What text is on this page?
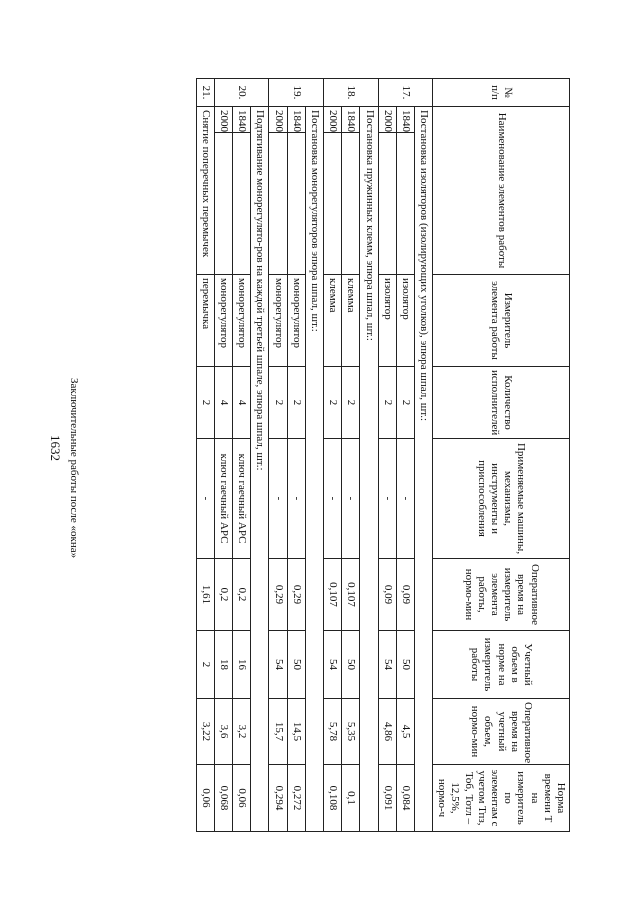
1632
№ п/п	Наименование элементов работы		Измеритель элемента работы	Количество исполнителей	Применяемые машины, механизмы, инструменты и приспособления	Оперативное время на измеритель элемента работы, нормо-мин	Учетный объем в норме на измеритель работы	Оперативное время на учетный объем, нормо-мин	Норма времени Т на измеритель по элементам с учетом Тпз, Тоб, Тотл – 12,5%, нормо-ч
17.	Постановка изоляторов (изолирующих уголков), эпюра шпал, шт.:								
	1840		изолятор	2	-	0,09	50	4,5	0,084
	2000		изолятор	2	-	0,09	54	4,86	0,091
18.	Постановка пружинных клемм, эпюра шпал, шт.:								
	1840		клемма	2	-	0,107	50	5,35	0,1
	2000		клемма	2	-	0,107	54	5,78	0,108
19.	Постановка монорегуляторов эпюра шпал, шт.:								
	1840		монорегулятор	2	-	0,29	50	14,5	0,272
	2000		монорегулятор	2	-	0,29	54	15,7	0,294
20.	Подтягивание монорегулято-ров на каждой третьей шпале, эпюра шпал, шт.:								
	1840		монорегулятор	4	ключ гаечный АРС	0,2	16	3,2	0,06
	2000		монорегулятор	4	ключ гаечный АРС	0,2	18	3,6	0,068
21.	Снятие поперечных перемычек		перемычка	2	-	1,61	2	3,22	0,06
Заключительные работы после «окна»
